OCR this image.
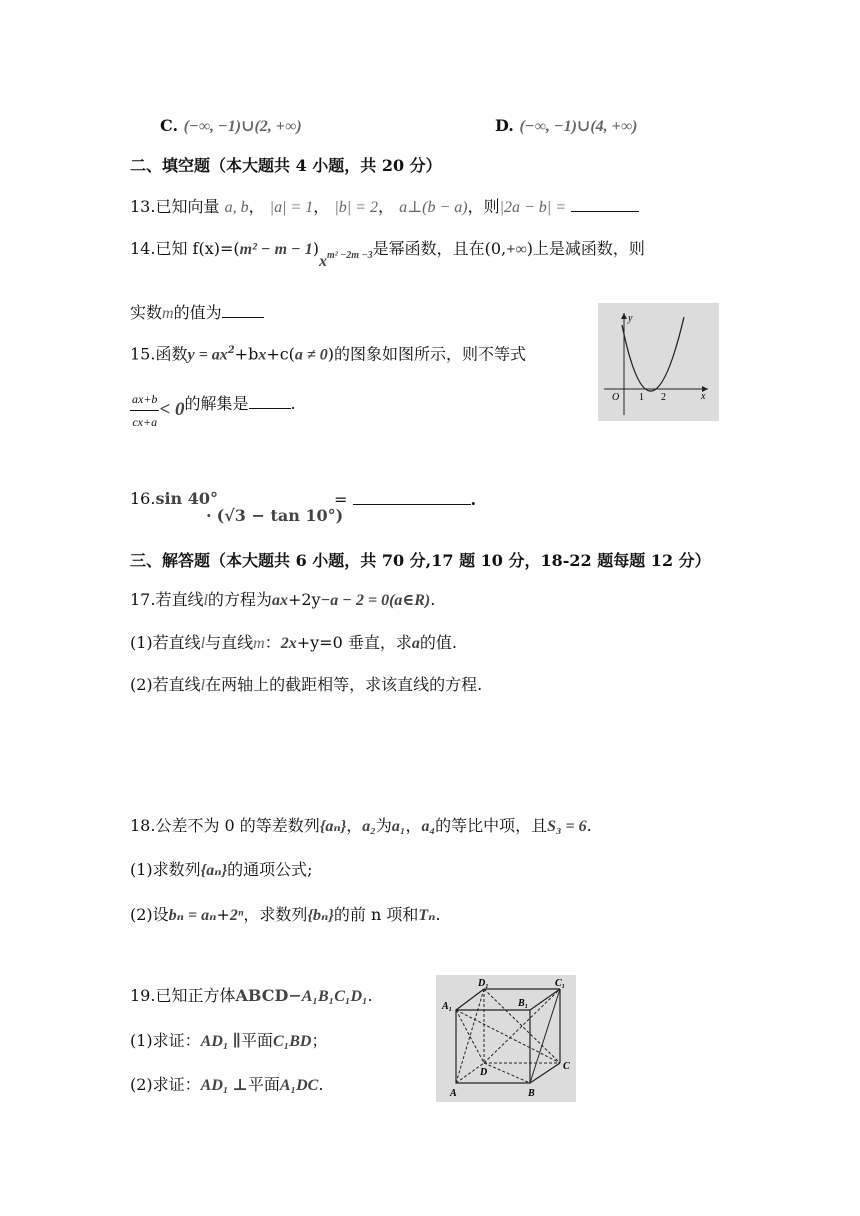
C. (−∞, −1)∪(2, +∞)	D. (−∞, −1)∪(4, +∞)
二、填空题（本大题共 4 小题，共 20 分）
13.已知向量 a, b， |a| = 1， |b| = 2， a⊥(b − a)，则|2a − b| =
14.已知 $f(x)=(m^2 - m - 1)x_{m^2 -2m -3}$是幂函数，且在(0,+∞)上是减函数，则
实数m的值为
15.函数$y = ax^2+bx+c(a \ne 0)$的图象如图所示，则不等式
$\frac{ax+b}{cx+a} < 0$的解集是	.
y
x
O 1 2
16.sin 40°
· (√3 − tan 10°)
=	.
三、解答题（本大题共 6 小题，共 70 分,17 题 10 分，18-22 题每题 12 分）
17.若直线l的方程为ax+2y−a − 2 = 0(a∈R).
(1)若直线l与直线m：2x+y=0 垂直，求a的值.
(2)若直线l在两轴上的截距相等，求该直线的方程.
18.公差不为 0 的等差数列{aₙ}，a₂为a₁，a₄的等比中项，且S₃ = 6.
(1)求数列{aₙ}的通项公式;
(2)设bₙ = aₙ+2ⁿ，求数列{bₙ}的前 n 项和Tₙ.
19.已知正方体ABCD−A₁B₁C₁D₁.
(1)求证：AD₁ ∥平面C₁BD；
(2)求证：AD₁ ⊥平面A₁DC.
A₁
D₁
B₁
C₁
A	B
C
D
